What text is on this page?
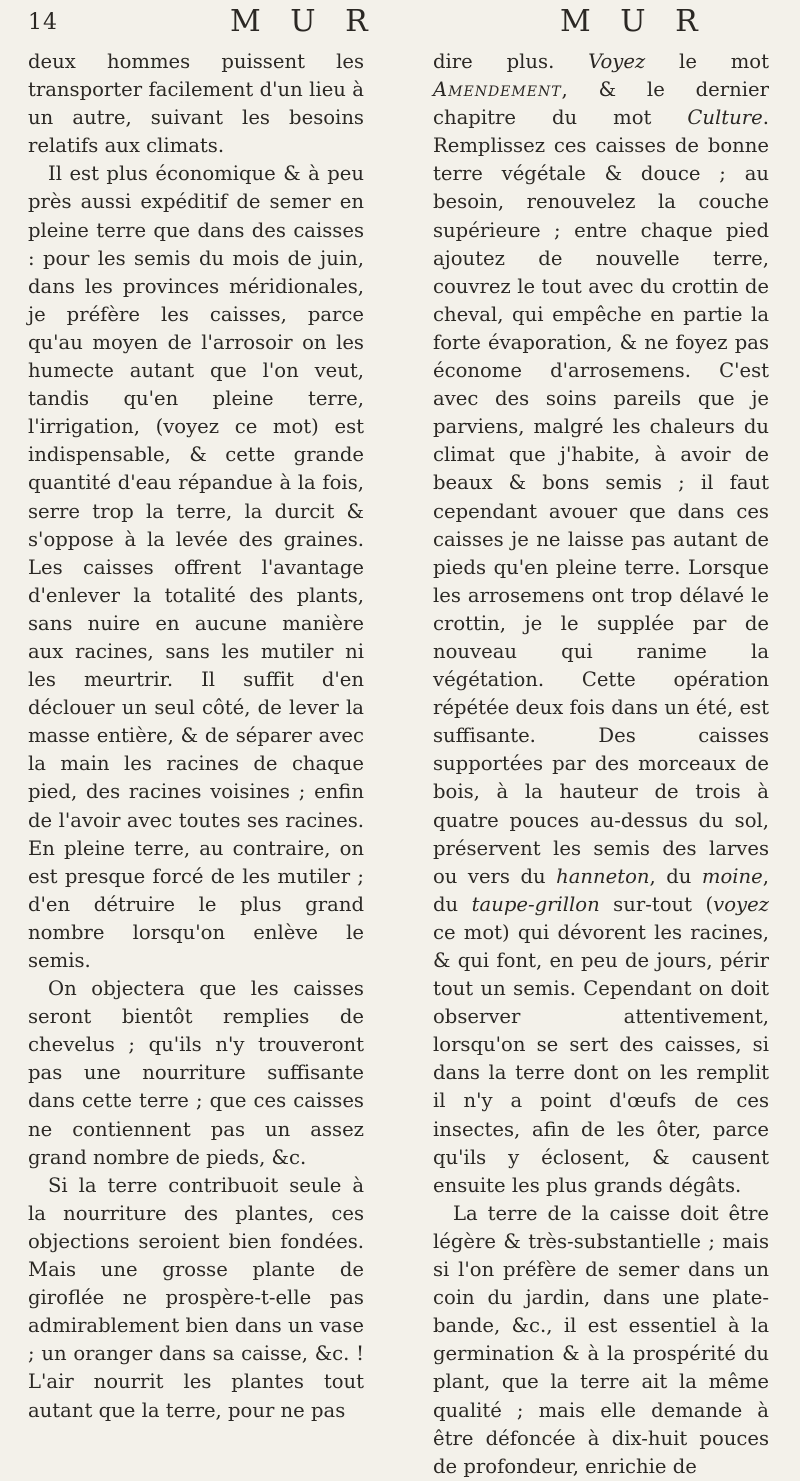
14	M U R	M U R

deux hommes puissent les transporter facilement d'un lieu à un autre, suivant les besoins relatifs aux climats.

Il est plus économique & à peu près aussi expéditif de semer en pleine terre que dans des caisses : pour les semis du mois de juin, dans les provinces méridionales, je préfère les caisses, parce qu'au moyen de l'arrosoir on les humecte autant que l'on veut, tandis qu'en pleine terre, l'irrigation, (voyez ce mot) est indispensable, & cette grande quantité d'eau répandue à la fois, serre trop la terre, la durcit & s'oppose à la levée des graines. Les caisses offrent l'avantage d'enlever la totalité des plants, sans nuire en aucune manière aux racines, sans les mutiler ni les meurtrir. Il suffit d'en déclouer un seul côté, de lever la masse entière, & de séparer avec la main les racines de chaque pied, des racines voisines ; enfin de l'avoir avec toutes ses racines. En pleine terre, au contraire, on est presque forcé de les mutiler ; d'en détruire le plus grand nombre lorsqu'on enlève le semis.

On objectera que les caisses seront bientôt remplies de chevelus ; qu'ils n'y trouveront pas une nourriture suffisante dans cette terre ; que ces caisses ne contiennent pas un assez grand nombre de pieds, &c.

Si la terre contribuoit seule à la nourriture des plantes, ces objections seroient bien fondées. Mais une grosse plante de giroflée ne prospère-t-elle pas admirablement bien dans un vase ; un oranger dans sa caisse, &c. ! L'air nourrit les plantes tout autant que la terre, pour ne pas

dire plus. Voyez le mot Amendement, & le dernier chapitre du mot Culture. Remplissez ces caisses de bonne terre végétale & douce ; au besoin, renouvelez la couche supérieure ; entre chaque pied ajoutez de nouvelle terre, couvrez le tout avec du crottin de cheval, qui empêche en partie la forte évaporation, & ne foyez pas économe d'arrosemens. C'est avec des soins pareils que je parviens, malgré les chaleurs du climat que j'habite, à avoir de beaux & bons semis ; il faut cependant avouer que dans ces caisses je ne laisse pas autant de pieds qu'en pleine terre. Lorsque les arrosemens ont trop délavé le crottin, je le supplée par de nouveau qui ranime la végétation. Cette opération répétée deux fois dans un été, est suffisante. Des caisses supportées par des morceaux de bois, à la hauteur de trois à quatre pouces au-dessus du sol, préservent les semis des larves ou vers du hanneton, du moine, du taupe-grillon sur-tout (voyez ce mot) qui dévorent les racines, & qui font, en peu de jours, périr tout un semis. Cependant on doit observer attentivement, lorsqu'on se sert des caisses, si dans la terre dont on les remplit il n'y a point d'œufs de ces insectes, afin de les ôter, parce qu'ils y éclosent, & causent ensuite les plus grands dégâts.

La terre de la caisse doit être légère & très-substantielle ; mais si l'on préfère de semer dans un coin du jardin, dans une plate-bande, &c., il est essentiel à la germination & à la prospérité du plant, que la terre ait la même qualité ; mais elle demande à être défoncée à dix-huit pouces de profondeur, enrichie de
